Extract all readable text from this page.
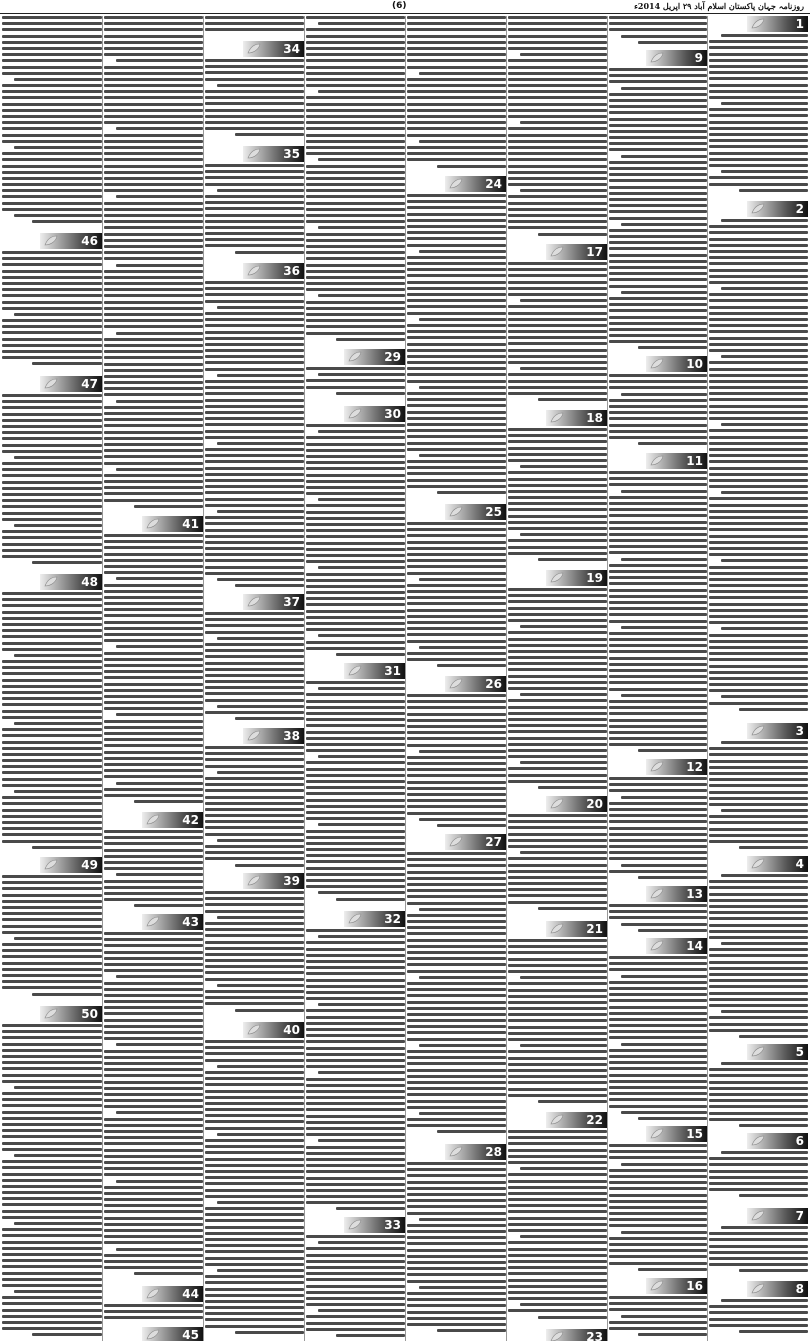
(6)	روزنامہ جہان پاکستان اسلام آباد ۲۹ اپریل 2014ء
1
2
3
4
5
6
7
8
9
10
11
12
13
14
15
16
17
18
19
20
21
22
23
24
25
26
27
28
29
30
31
32
33
34
35
36
37
38
39
40
41
42
43
44
45
46
47
48
49
50
